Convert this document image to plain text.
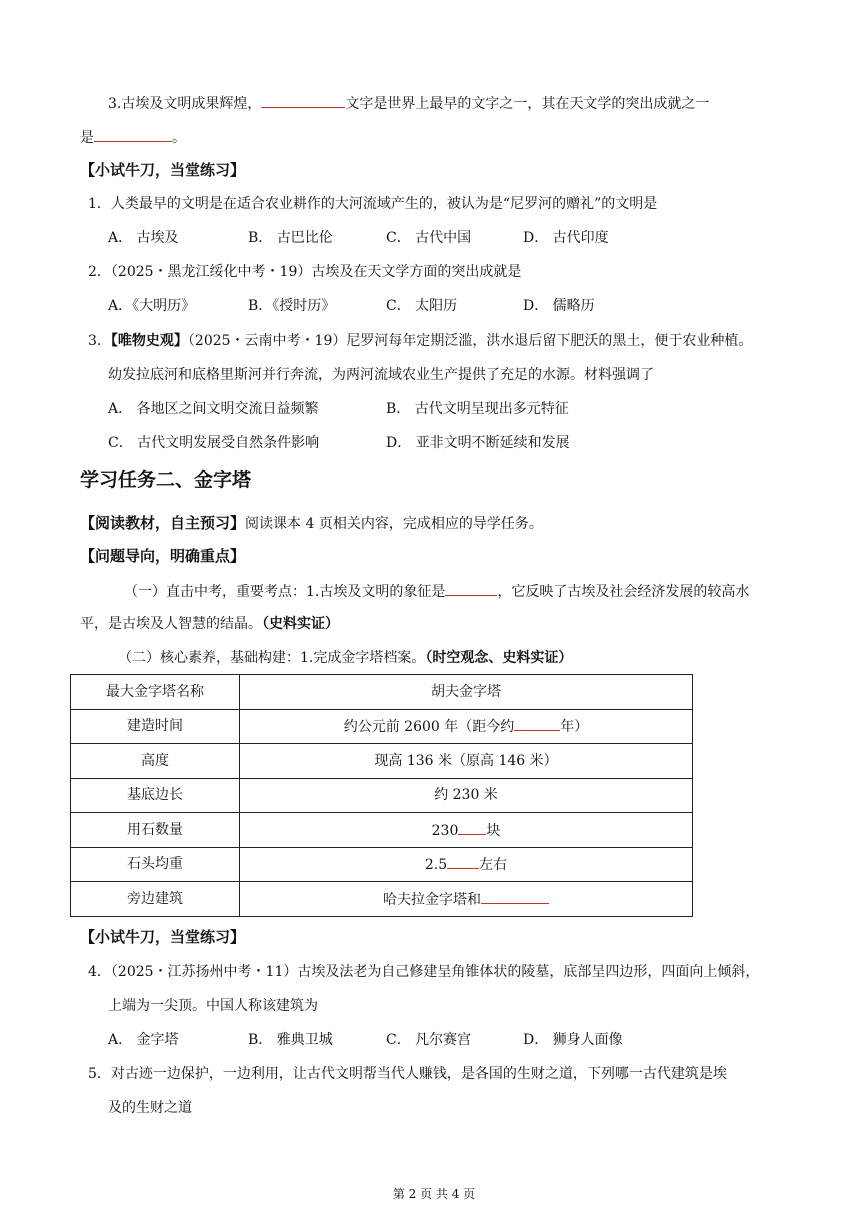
3.古埃及文明成果辉煌，	文字是世界上最早的文字之一，其在天文学的突出成就之一
是	。
【小试牛刀，当堂练习】
1．人类最早的文明是在适合农业耕作的大河流域产生的，被认为是“尼罗河的赠礼”的文明是
A． 古埃及	B． 古巴比伦	C． 古代中国	D． 古代印度
2．（2025・黑龙江绥化中考・19）古埃及在天文学方面的突出成就是
A．《大明历》	B．《授时历》	C． 太阳历	D． 儒略历
3．【唯物史观】（2025・云南中考・19）尼罗河每年定期泛滥，洪水退后留下肥沃的黑土，便于农业种植。
幼发拉底河和底格里斯河并行奔流，为两河流域农业生产提供了充足的水源。材料强调了
A． 各地区之间文明交流日益频繁	B． 古代文明呈现出多元特征
C． 古代文明发展受自然条件影响	D． 亚非文明不断延续和发展
学习任务二、金字塔
【阅读教材，自主预习】阅读课本 4 页相关内容，完成相应的导学任务。
【问题导向，明确重点】
（一）直击中考，重要考点：1.古埃及文明的象征是	，它反映了古埃及社会经济发展的较高水
平，是古埃及人智慧的结晶。（史料实证）
（二）核心素养，基础构建：1.完成金字塔档案。（时空观念、史料实证）
最大金字塔名称	胡夫金字塔
建造时间	约公元前 2600 年（距今约 年）
高度	现高 136 米（原高 146 米）
基底边长	约 230 米
用石数量	230 块
石头均重	2.5 左右
旁边建筑	哈夫拉金字塔和
【小试牛刀，当堂练习】
4．（2025・江苏扬州中考・11）古埃及法老为自己修建呈角锥体状的陵墓，底部呈四边形，四面向上倾斜，
上端为一尖顶。中国人称该建筑为
A． 金字塔	B． 雅典卫城	C． 凡尔赛宫	D． 狮身人面像
5．对古迹一边保护，一边利用，让古代文明帮当代人赚钱，是各国的生财之道，下列哪一古代建筑是埃
及的生财之道
第 2 页 共 4 页
